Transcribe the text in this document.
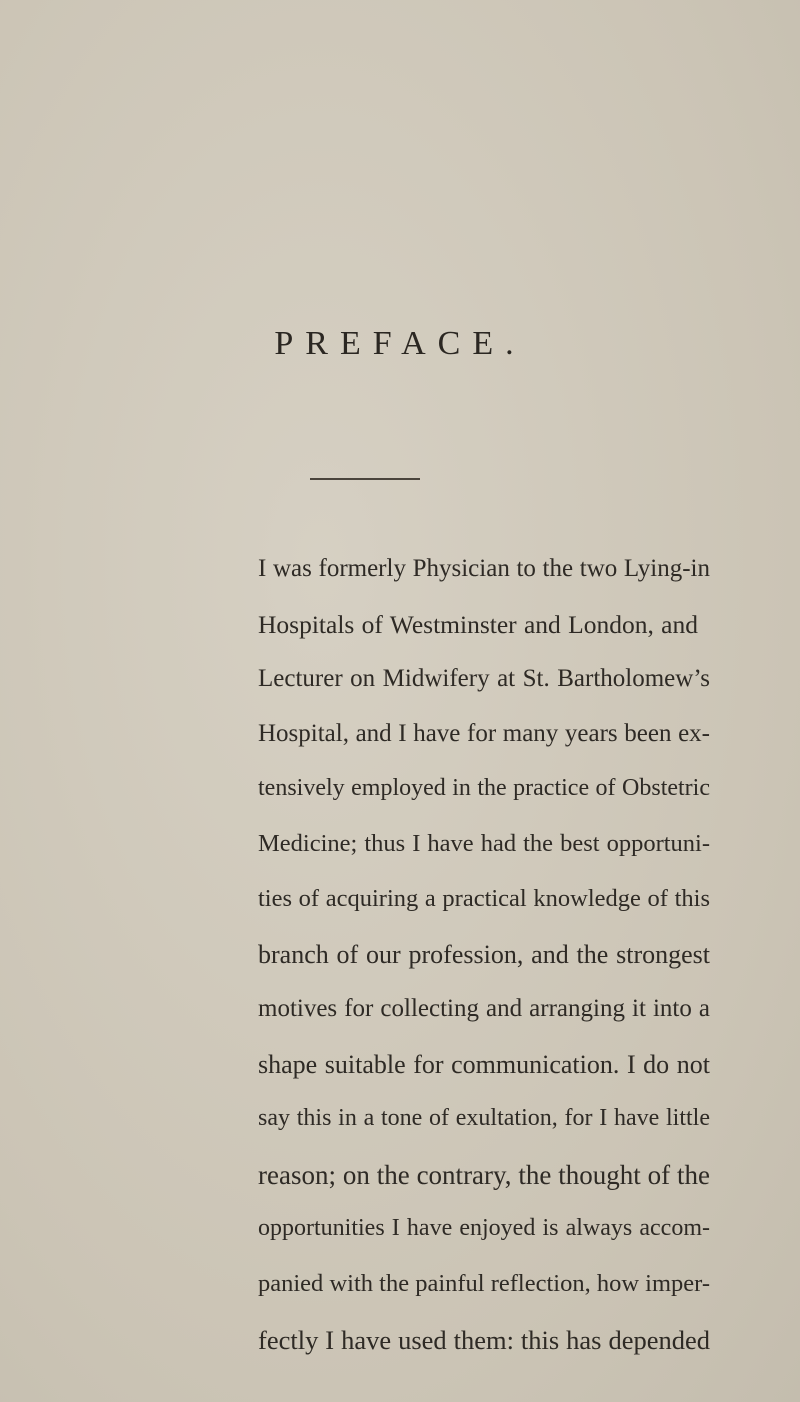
PREFACE.
I was formerly Physician to the two Lying-in
Hospitals of Westminster and London, and
Lecturer on Midwifery at St. Bartholomew’s
Hospital, and I have for many years been ex-
tensively employed in the practice of Obstetric
Medicine; thus I have had the best opportuni-
ties of acquiring a practical knowledge of this
branch of our profession, and the strongest
motives for collecting and arranging it into a
shape suitable for communication. I do not
say this in a tone of exultation, for I have little
reason; on the contrary, the thought of the
opportunities I have enjoyed is always accom-
panied with the painful reflection, how imper-
fectly I have used them: this has depended
